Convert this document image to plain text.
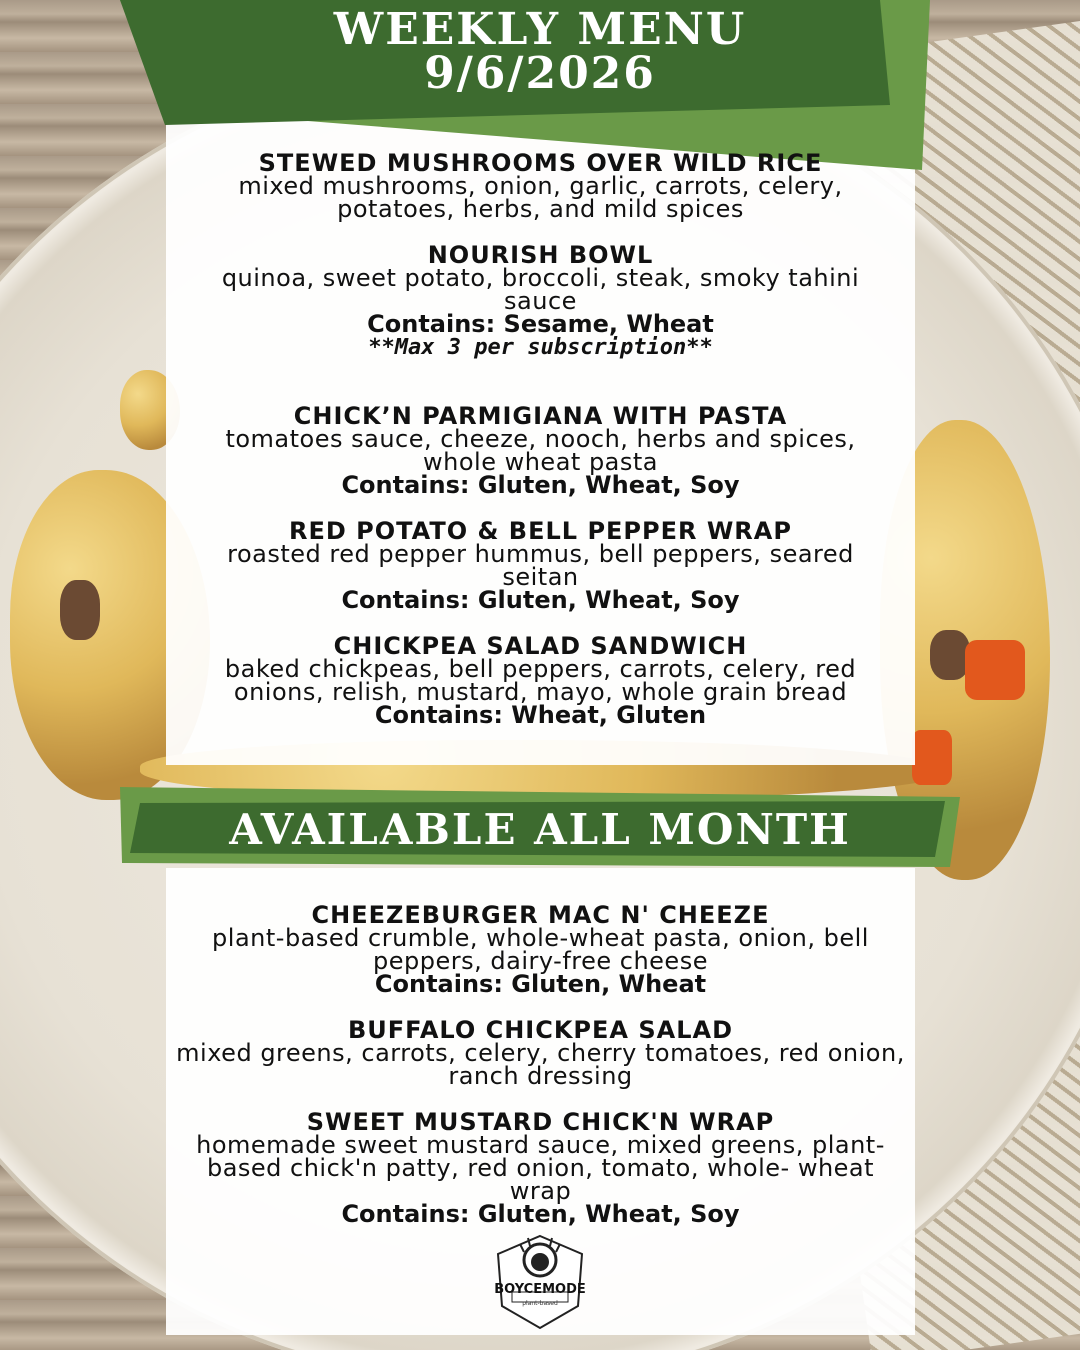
WEEKLY MENU
9/6/2026
STEWED MUSHROOMS OVER WILD RICE
mixed mushrooms, onion, garlic, carrots, celery,
potatoes, herbs, and mild spices
NOURISH BOWL
quinoa, sweet potato, broccoli, steak, smoky tahini
sauce
Contains: Sesame, Wheat
**Max 3 per subscription**
CHICK’N PARMIGIANA WITH PASTA
tomatoes sauce, cheeze, nooch, herbs and spices,
whole wheat pasta
Contains: Gluten, Wheat, Soy
RED POTATO & BELL PEPPER WRAP
roasted red pepper hummus, bell peppers, seared
seitan
Contains: Gluten, Wheat, Soy
CHICKPEA SALAD SANDWICH
baked chickpeas, bell peppers, carrots, celery, red
onions, relish, mustard, mayo, whole grain bread
Contains: Wheat, Gluten
AVAILABLE ALL MONTH
CHEEZEBURGER MAC N' CHEEZE
plant-based crumble, whole-wheat pasta, onion, bell
peppers, dairy-free cheese
Contains: Gluten, Wheat
BUFFALO CHICKPEA SALAD
mixed greens, carrots, celery, cherry tomatoes, red onion,
ranch dressing
SWEET MUSTARD CHICK'N WRAP
homemade sweet mustard sauce, mixed greens, plant-
based chick'n patty, red onion, tomato, whole- wheat
wrap
Contains: Gluten, Wheat, Soy
BOYCEMODE
plant-based
